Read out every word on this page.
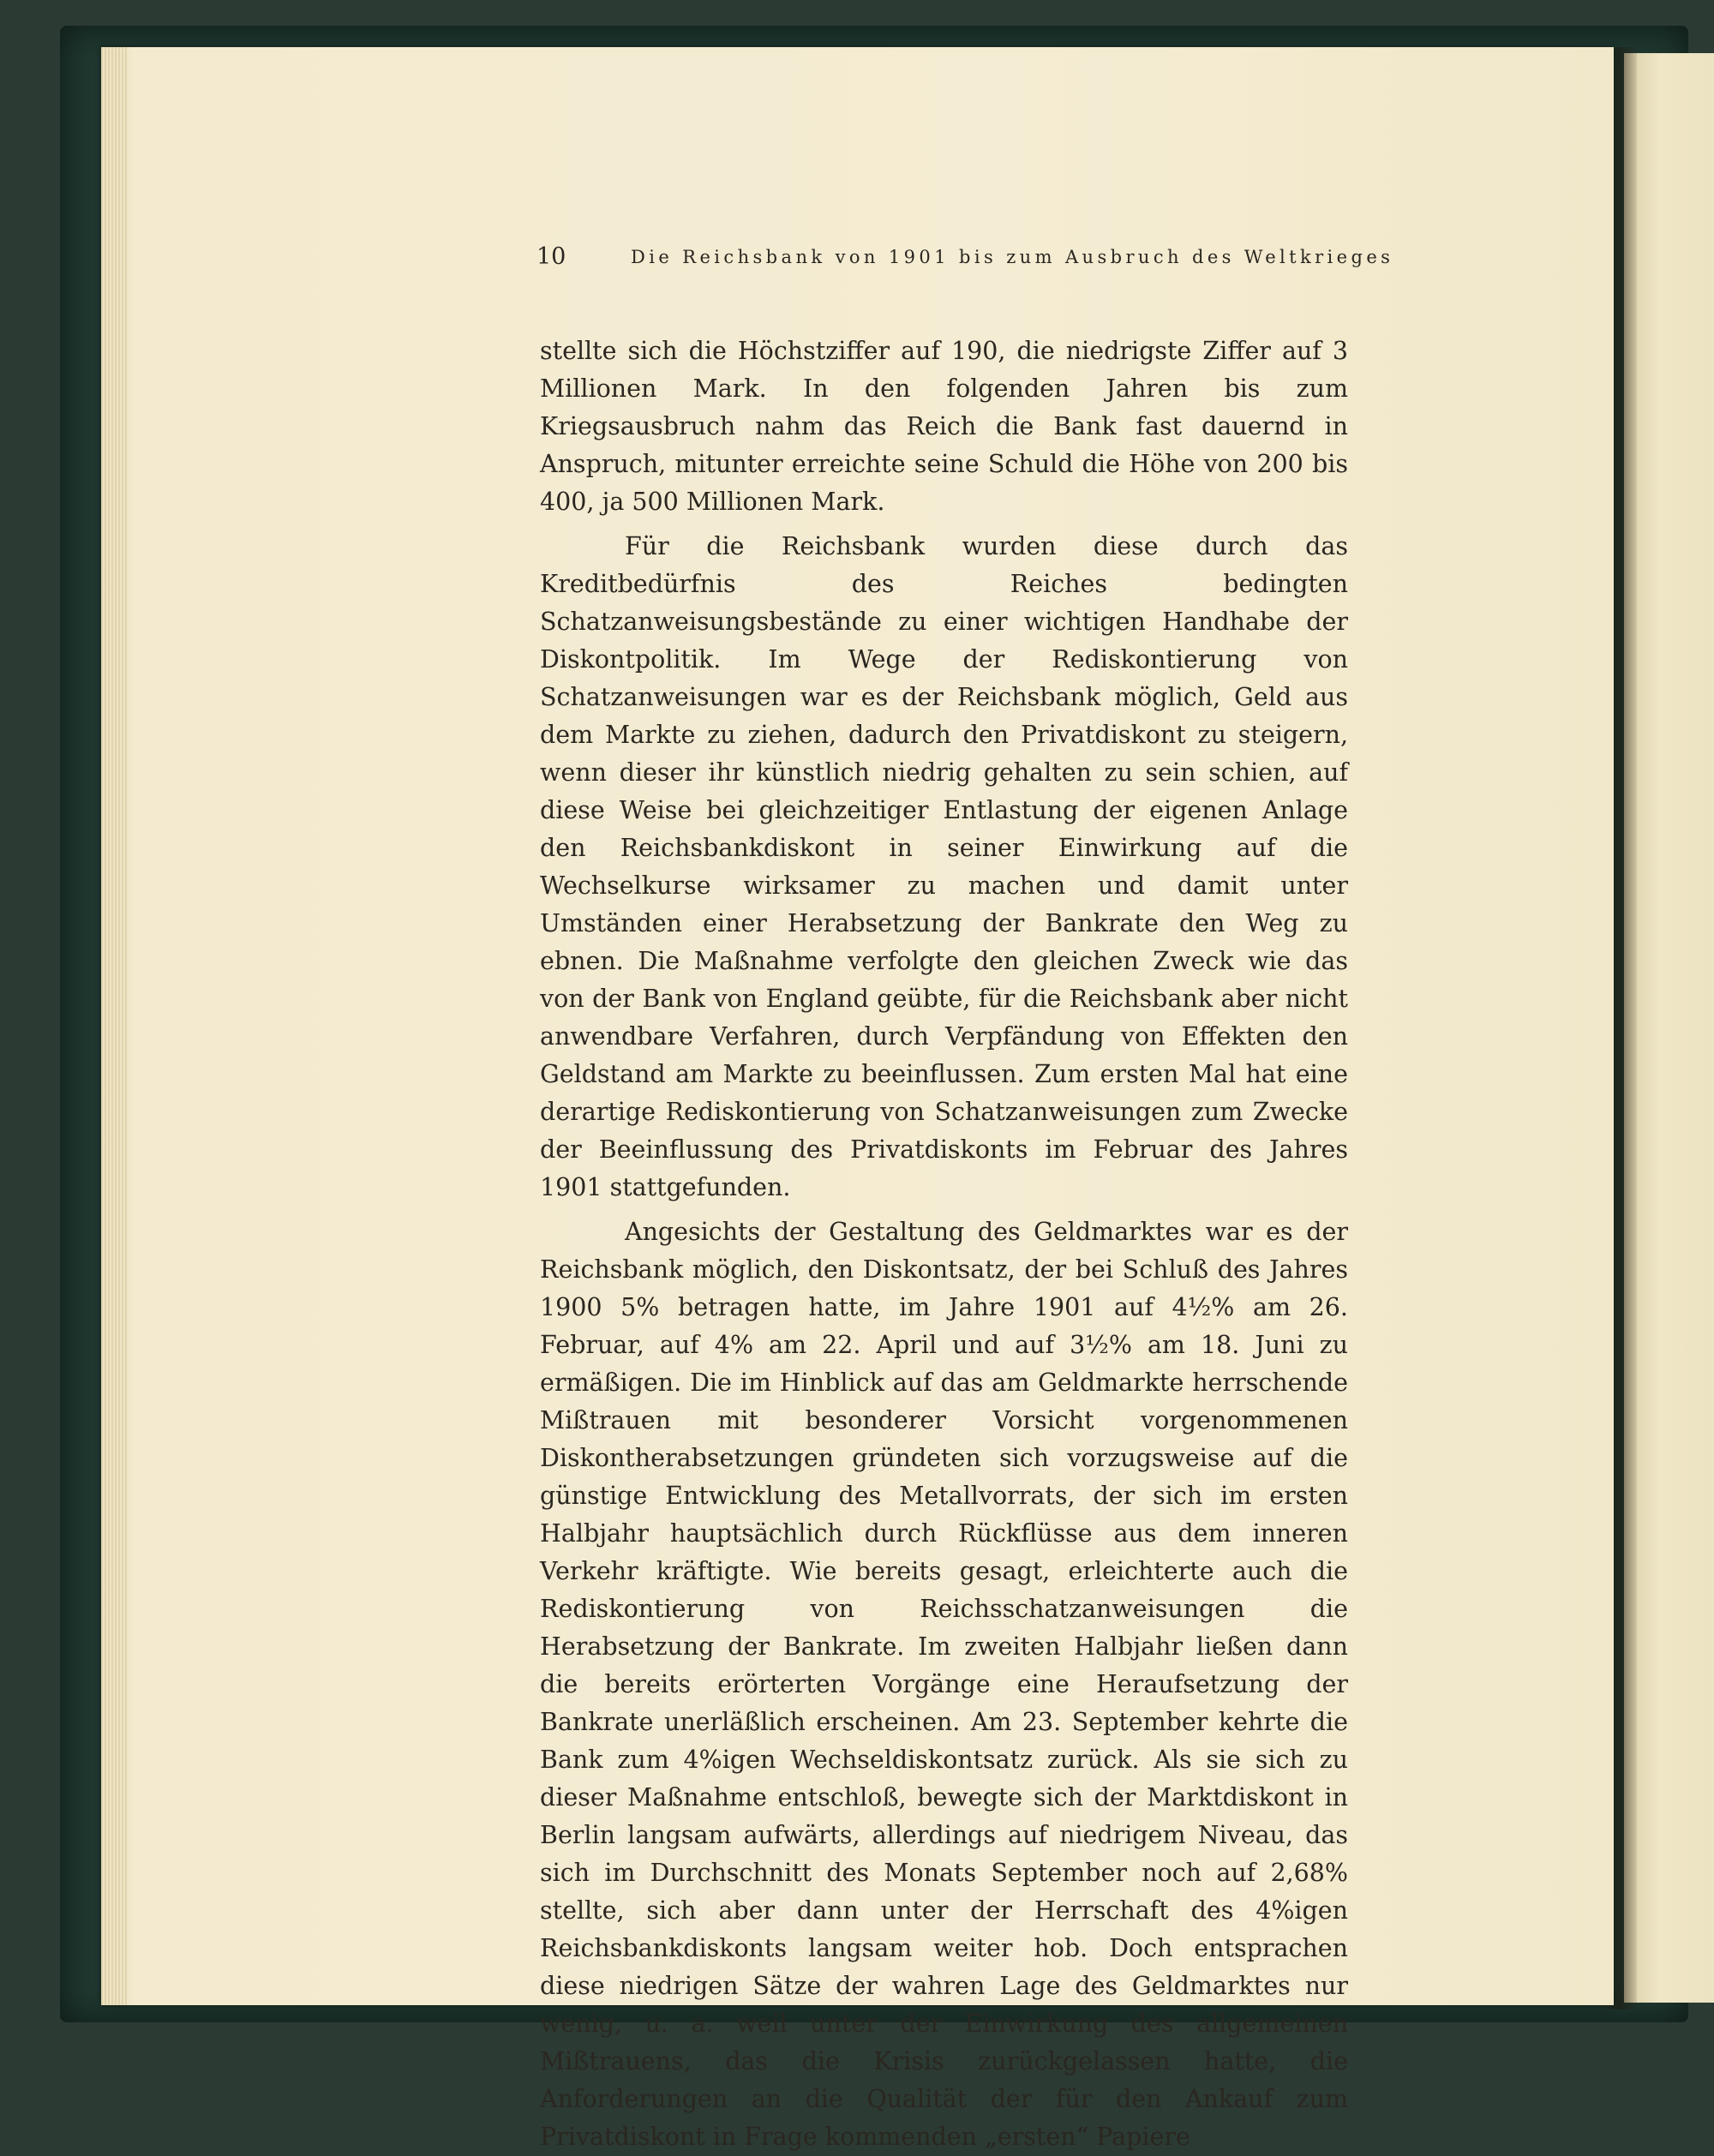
10	Die Reichsbank von 1901 bis zum Ausbruch des Weltkrieges

stellte sich die Höchstziffer auf 190, die niedrigste Ziffer auf 3 Millionen Mark. In den folgenden Jahren bis zum Kriegsausbruch nahm das Reich die Bank fast dauernd in Anspruch, mitunter erreichte seine Schuld die Höhe von 200 bis 400, ja 500 Millionen Mark.

Für die Reichsbank wurden diese durch das Kreditbedürfnis des Reiches bedingten Schatzanweisungsbestände zu einer wichtigen Handhabe der Diskontpolitik. Im Wege der Rediskontierung von Schatzanweisungen war es der Reichsbank möglich, Geld aus dem Markte zu ziehen, dadurch den Privatdiskont zu steigern, wenn dieser ihr künstlich niedrig gehalten zu sein schien, auf diese Weise bei gleichzeitiger Entlastung der eigenen Anlage den Reichsbankdiskont in seiner Einwirkung auf die Wechselkurse wirksamer zu machen und damit unter Umständen einer Herabsetzung der Bankrate den Weg zu ebnen. Die Maßnahme verfolgte den gleichen Zweck wie das von der Bank von England geübte, für die Reichsbank aber nicht anwendbare Verfahren, durch Verpfändung von Effekten den Geldstand am Markte zu beeinflussen. Zum ersten Mal hat eine derartige Rediskontierung von Schatzanweisungen zum Zwecke der Beeinflussung des Privatdiskonts im Februar des Jahres 1901 stattgefunden.

Angesichts der Gestaltung des Geldmarktes war es der Reichsbank möglich, den Diskontsatz, der bei Schluß des Jahres 1900 5% betragen hatte, im Jahre 1901 auf 4½% am 26. Februar, auf 4% am 22. April und auf 3½% am 18. Juni zu ermäßigen. Die im Hinblick auf das am Geldmarkte herrschende Mißtrauen mit besonderer Vorsicht vorgenommenen Diskontherabsetzungen gründeten sich vorzugsweise auf die günstige Entwicklung des Metallvorrats, der sich im ersten Halbjahr hauptsächlich durch Rückflüsse aus dem inneren Verkehr kräftigte. Wie bereits gesagt, erleichterte auch die Rediskontierung von Reichsschatzanweisungen die Herabsetzung der Bankrate. Im zweiten Halbjahr ließen dann die bereits erörterten Vorgänge eine Heraufsetzung der Bankrate unerläßlich erscheinen. Am 23. September kehrte die Bank zum 4%igen Wechseldiskontsatz zurück. Als sie sich zu dieser Maßnahme entschloß, bewegte sich der Marktdiskont in Berlin langsam aufwärts, allerdings auf niedrigem Niveau, das sich im Durchschnitt des Monats September noch auf 2,68% stellte, sich aber dann unter der Herrschaft des 4%igen Reichsbankdiskonts langsam weiter hob. Doch entsprachen diese niedrigen Sätze der wahren Lage des Geldmarktes nur wenig, u. a. weil unter der Einwirkung des allgemeinen Mißtrauens, das die Krisis zurückgelassen hatte, die Anforderungen an die Qualität der für den Ankauf zum Privatdiskont in Frage kommenden „ersten“ Papiere
